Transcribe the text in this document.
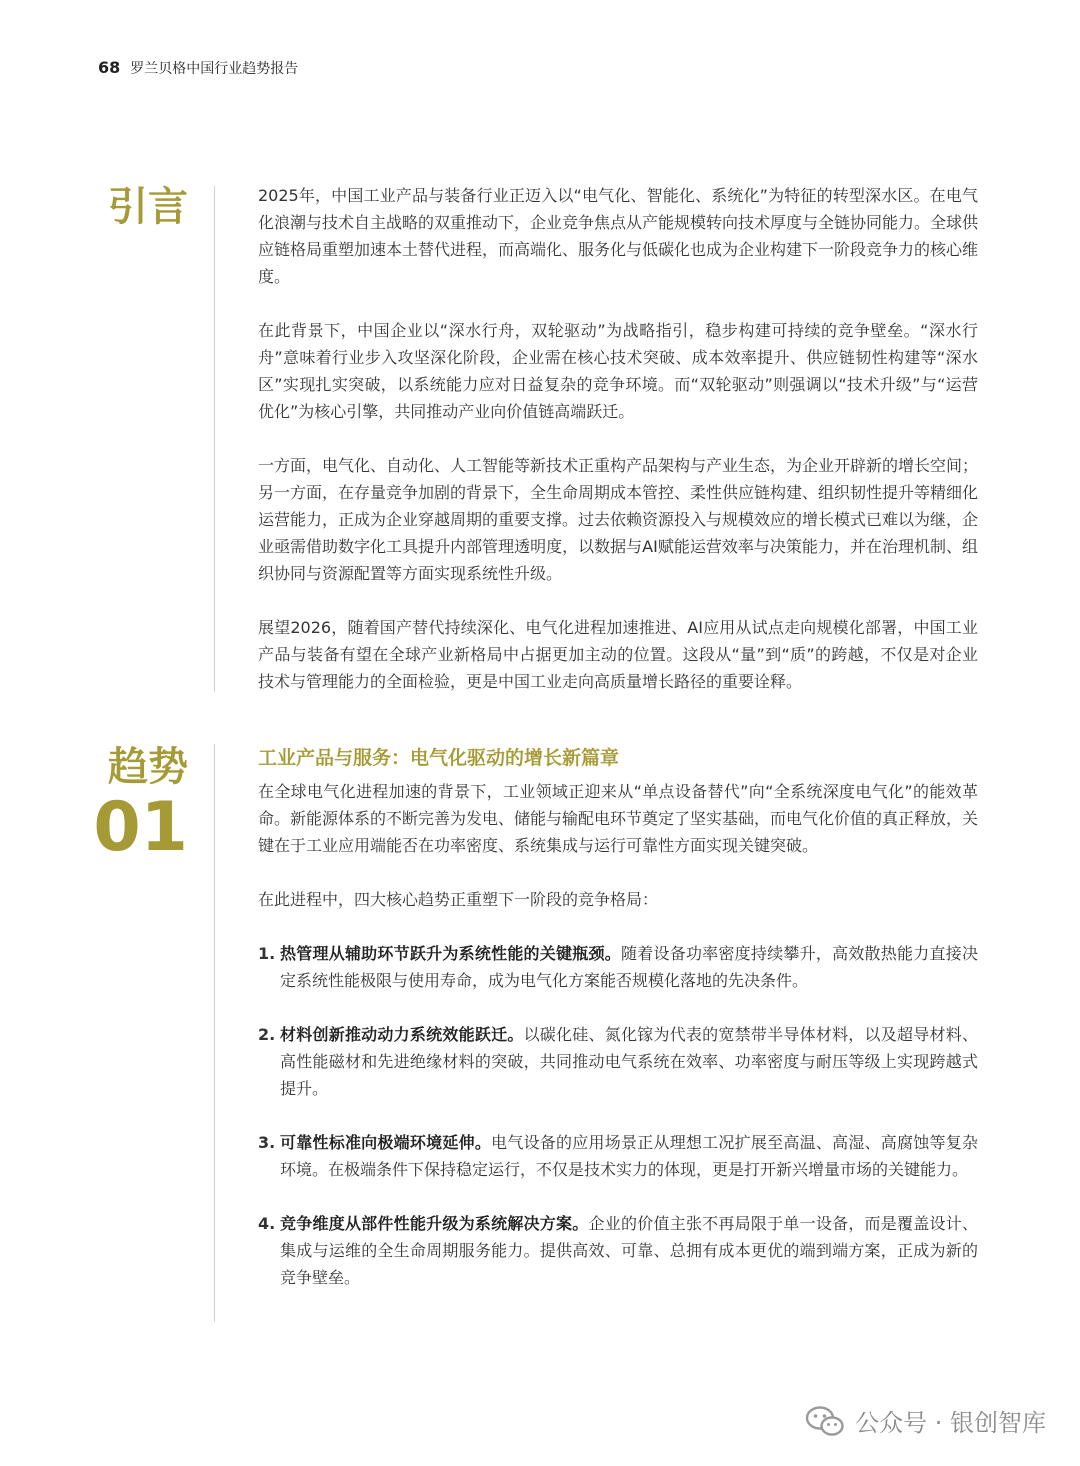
68 罗兰贝格中国行业趋势报告
引言	2025年，中国工业产品与装备行业正迈入以“电气化、智能化、系统化”为特征的转型深水区。在电气化浪潮与技术自主战略的双重推动下，企业竞争焦点从产能规模转向技术厚度与全链协同能力。全球供应链格局重塑加速本土替代进程，而高端化、服务化与低碳化也成为企业构建下一阶段竞争力的核心维度。

在此背景下，中国企业以“深水行舟，双轮驱动”为战略指引，稳步构建可持续的竞争壁垒。“深水行舟”意味着行业步入攻坚深化阶段，企业需在核心技术突破、成本效率提升、供应链韧性构建等“深水区”实现扎实突破，以系统能力应对日益复杂的竞争环境。而“双轮驱动”则强调以“技术升级”与“运营优化”为核心引擎，共同推动产业向价值链高端跃迁。

一方面，电气化、自动化、人工智能等新技术正重构产品架构与产业生态，为企业开辟新的增长空间；另一方面，在存量竞争加剧的背景下，全生命周期成本管控、柔性供应链构建、组织韧性提升等精细化运营能力，正成为企业穿越周期的重要支撑。过去依赖资源投入与规模效应的增长模式已难以为继，企业亟需借助数字化工具提升内部管理透明度，以数据与AI赋能运营效率与决策能力，并在治理机制、组织协同与资源配置等方面实现系统性升级。

展望2026，随着国产替代持续深化、电气化进程加速推进、AI应用从试点走向规模化部署，中国工业产品与装备有望在全球产业新格局中占据更加主动的位置。这段从“量”到“质”的跨越，不仅是对企业技术与管理能力的全面检验，更是中国工业走向高质量增长路径的重要诠释。

趋势
01
工业产品与服务：电气化驱动的增长新篇章

在全球电气化进程加速的背景下，工业领域正迎来从“单点设备替代”向“全系统深度电气化”的能效革命。新能源体系的不断完善为发电、储能与输配电环节奠定了坚实基础，而电气化价值的真正释放，关键在于工业应用端能否在功率密度、系统集成与运行可靠性方面实现关键突破。

在此进程中，四大核心趋势正重塑下一阶段的竞争格局：

1. 热管理从辅助环节跃升为系统性能的关键瓶颈。随着设备功率密度持续攀升，高效散热能力直接决定系统性能极限与使用寿命，成为电气化方案能否规模化落地的先决条件。
2. 材料创新推动动力系统效能跃迁。以碳化硅、氮化镓为代表的宽禁带半导体材料，以及超导材料、高性能磁材和先进绝缘材料的突破，共同推动电气系统在效率、功率密度与耐压等级上实现跨越式提升。
3. 可靠性标准向极端环境延伸。电气设备的应用场景正从理想工况扩展至高温、高湿、高腐蚀等复杂环境。在极端条件下保持稳定运行，不仅是技术实力的体现，更是打开新兴增量市场的关键能力。
4. 竞争维度从部件性能升级为系统解决方案。企业的价值主张不再局限于单一设备，而是覆盖设计、集成与运维的全生命周期服务能力。提供高效、可靠、总拥有成本更优的端到端方案，正成为新的竞争壁垒。
公众号 · 银创智库
